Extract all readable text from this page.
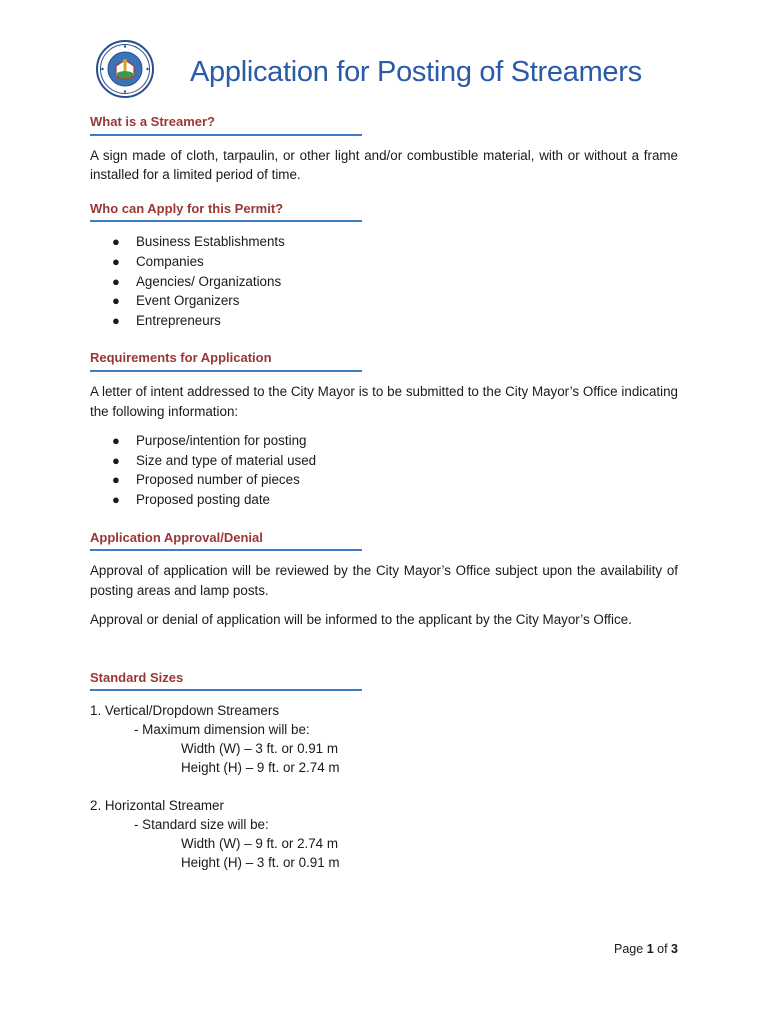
Application for Posting of Streamers
What is a Streamer?

A sign made of cloth, tarpaulin, or other light and/or combustible material, with or without a frame installed for a limited period of time.

Who can Apply for this Permit?
● Business Establishments
● Companies
● Agencies/ Organizations
● Event Organizers
● Entrepreneurs
Requirements for Application

A letter of intent addressed to the City Mayor is to be submitted to the City Mayor’s Office indicating the following information:

● Purpose/intention for posting
● Size and type of material used
● Proposed number of pieces
● Proposed posting date
Application Approval/Denial

Approval of application will be reviewed by the City Mayor’s Office subject upon the availability of posting areas and lamp posts.

Approval or denial of application will be informed to the applicant by the City Mayor’s Office.

Standard Sizes
1. Vertical/Dropdown Streamers
- Maximum dimension will be:
Width (W) – 3 ft. or 0.91 m
Height (H) – 9 ft. or 2.74 m
2. Horizontal Streamer
- Standard size will be:
Width (W) – 9 ft. or 2.74 m
Height (H) – 3 ft. or 0.91 m
Page 1 of 3
